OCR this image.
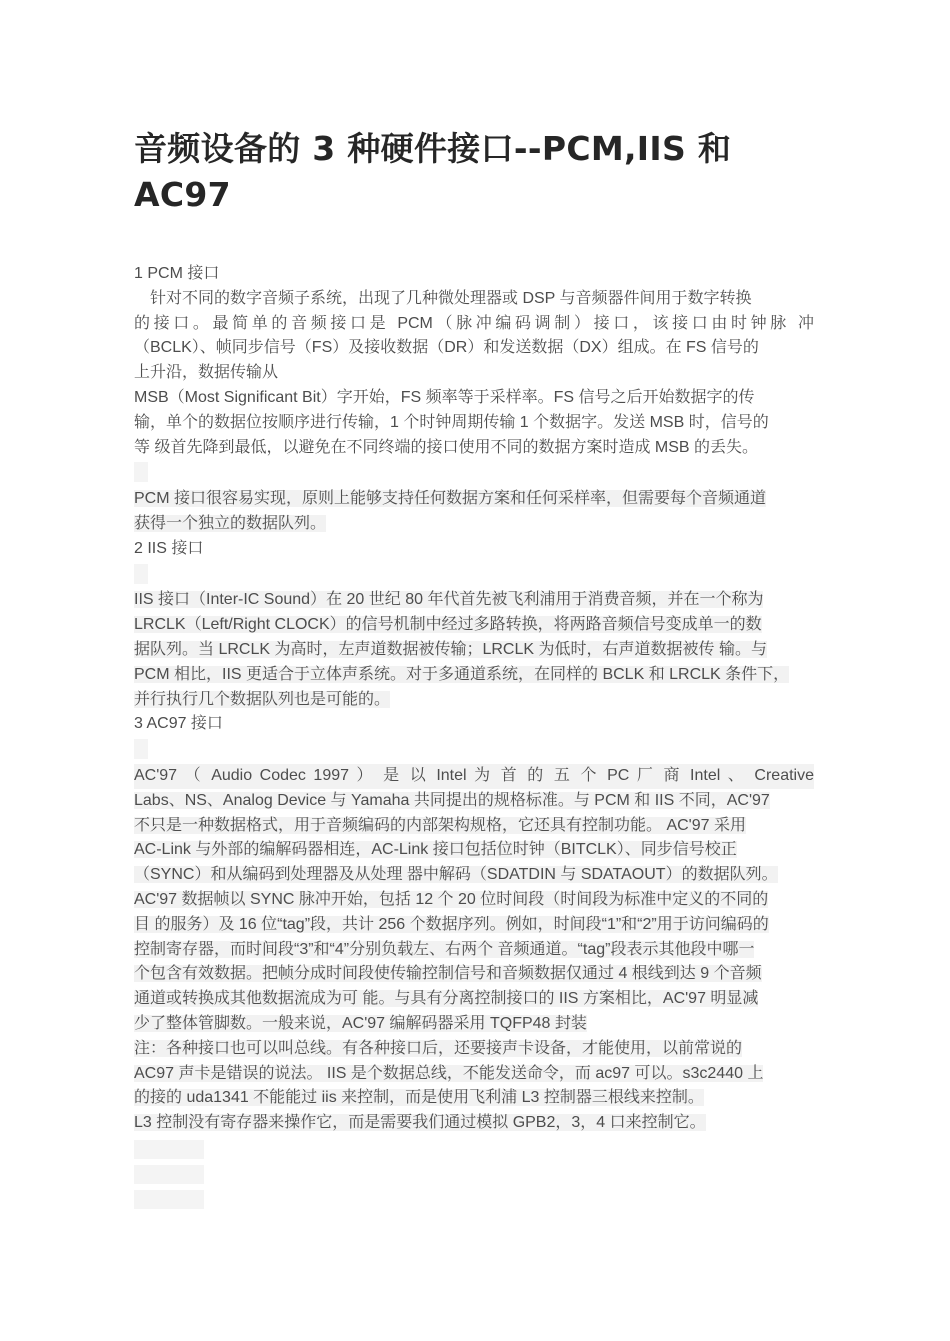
音频设备的 3 种硬件接口--PCM,IIS 和
AC97
1 PCM 接口
针对不同的数字音频子系统，出现了几种微处理器或 DSP 与音频器件间用于数字转换
的接口。最简单的音频接口是 PCM（脉冲编码调制）接口，该接口由时钟脉 冲
（BCLK）、帧同步信号（FS）及接收数据（DR）和发送数据（DX）组成。在 FS 信号的
上升沿，数据传输从
MSB（Most Significant Bit）字开始，FS 频率等于采样率。FS 信号之后开始数据字的传
输，单个的数据位按顺序进行传输，1 个时钟周期传输 1 个数据字。发送 MSB 时，信号的
等 级首先降到最低，以避免在不同终端的接口使用不同的数据方案时造成 MSB 的丢失。
PCM 接口很容易实现，原则上能够支持任何数据方案和任何采样率，但需要每个音频通道
获得一个独立的数据队列。
2 IIS 接口
IIS 接口（Inter-IC Sound）在 20 世纪 80 年代首先被飞利浦用于消费音频，并在一个称为
LRCLK（Left/Right CLOCK）的信号机制中经过多路转换，将两路音频信号变成单一的数
据队列。当 LRCLK 为高时，左声道数据被传输；LRCLK 为低时，右声道数据被传 输。与
PCM 相比，IIS 更适合于立体声系统。对于多通道系统，在同样的 BCLK 和 LRCLK 条件下，
并行执行几个数据队列也是可能的。
3 AC97 接口
AC'97 （ Audio Codec 1997 ） 是 以 Intel 为 首 的 五 个 PC 厂 商 Intel 、 Creative
Labs、NS、Analog Device 与 Yamaha 共同提出的规格标准。与 PCM 和 IIS 不同，AC'97
不只是一种数据格式，用于音频编码的内部架构规格，它还具有控制功能。 AC'97 采用
AC-Link 与外部的编解码器相连，AC-Link 接口包括位时钟（BITCLK）、同步信号校正
（SYNC）和从编码到处理器及从处理 器中解码（SDATDIN 与 SDATAOUT）的数据队列。
AC'97 数据帧以 SYNC 脉冲开始，包括 12 个 20 位时间段（时间段为标准中定义的不同的
目 的服务）及 16 位“tag”段，共计 256 个数据序列。例如，时间段“1”和“2”用于访问编码的
控制寄存器，而时间段“3”和“4”分别负载左、右两个 音频通道。“tag”段表示其他段中哪一
个包含有效数据。把帧分成时间段使传输控制信号和音频数据仅通过 4 根线到达 9 个音频
通道或转换成其他数据流成为可 能。与具有分离控制接口的 IIS 方案相比，AC'97 明显减
少了整体管脚数。一般来说，AC'97 编解码器采用 TQFP48 封装
注：各种接口也可以叫总线。有各种接口后，还要接声卡设备，才能使用，以前常说的
AC97 声卡是错误的说法。 IIS 是个数据总线，不能发送命令，而 ac97 可以。s3c2440 上
的接的 uda1341 不能能过 iis 来控制，而是使用飞利浦 L3 控制器三根线来控制。
L3 控制没有寄存器来操作它，而是需要我们通过模拟 GPB2，3，4 口来控制它。
